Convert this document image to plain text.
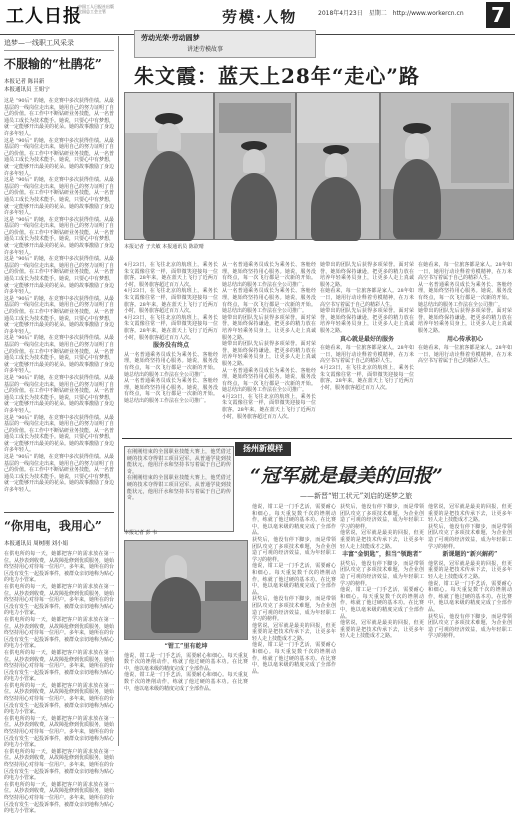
工人日报
中国工人日报社出版 全国总工会主管	劳模·人物	2018年4月23日　星期二　http://www.workercn.cn 7
追梦—一线职工风采录
不服输的“杜鹃花”
本报记者 陈昌新
本报通讯员 王姐宁
这是 “90后” 的她，在竞赛中多次获得佳绩。从最基层的一线岗位走出来，她用自己的努力证明了自己的价值。在工作中不断钻研业务技能，从一名普通员工成长为技术能手。她说，只要心中有梦想，就一定能够开出最美的花朵。她的故事激励了身边许多年轻人。
这是 “90后” 的她，在竞赛中多次获得佳绩。从最基层的一线岗位走出来，她用自己的努力证明了自己的价值。在工作中不断钻研业务技能，从一名普通员工成长为技术能手。她说，只要心中有梦想，就一定能够开出最美的花朵。她的故事激励了身边许多年轻人。
这是 “90后” 的她，在竞赛中多次获得佳绩。从最基层的一线岗位走出来，她用自己的努力证明了自己的价值。在工作中不断钻研业务技能，从一名普通员工成长为技术能手。她说，只要心中有梦想，就一定能够开出最美的花朵。她的故事激励了身边许多年轻人。
这是 “90后” 的她，在竞赛中多次获得佳绩。从最基层的一线岗位走出来，她用自己的努力证明了自己的价值。在工作中不断钻研业务技能，从一名普通员工成长为技术能手。她说，只要心中有梦想，就一定能够开出最美的花朵。她的故事激励了身边许多年轻人。
这是 “90后” 的她，在竞赛中多次获得佳绩。从最基层的一线岗位走出来，她用自己的努力证明了自己的价值。在工作中不断钻研业务技能，从一名普通员工成长为技术能手。她说，只要心中有梦想，就一定能够开出最美的花朵。她的故事激励了身边许多年轻人。
这是 “90后” 的她，在竞赛中多次获得佳绩。从最基层的一线岗位走出来，她用自己的努力证明了自己的价值。在工作中不断钻研业务技能，从一名普通员工成长为技术能手。她说，只要心中有梦想，就一定能够开出最美的花朵。她的故事激励了身边许多年轻人。
这是 “90后” 的她，在竞赛中多次获得佳绩。从最基层的一线岗位走出来，她用自己的努力证明了自己的价值。在工作中不断钻研业务技能，从一名普通员工成长为技术能手。她说，只要心中有梦想，就一定能够开出最美的花朵。她的故事激励了身边许多年轻人。
这是 “90后” 的她，在竞赛中多次获得佳绩。从最基层的一线岗位走出来，她用自己的努力证明了自己的价值。在工作中不断钻研业务技能，从一名普通员工成长为技术能手。她说，只要心中有梦想，就一定能够开出最美的花朵。她的故事激励了身边许多年轻人。
这是 “90后” 的她，在竞赛中多次获得佳绩。从最基层的一线岗位走出来，她用自己的努力证明了自己的价值。在工作中不断钻研业务技能，从一名普通员工成长为技术能手。她说，只要心中有梦想，就一定能够开出最美的花朵。她的故事激励了身边许多年轻人。
这是 “90后” 的她，在竞赛中多次获得佳绩。从最基层的一线岗位走出来，她用自己的努力证明了自己的价值。在工作中不断钻研业务技能，从一名普通员工成长为技术能手。她说，只要心中有梦想，就一定能够开出最美的花朵。她的故事激励了身边许多年轻人。
“你用电，我用心”
本报通讯员 周树刚 刘小娟
在供电所的每一天，她都把客户的需求放在第一位。从抄表到收费，从故障抢修到优质服务，她始终坚持用心对待每一位用户。多年来，她所在的台区没有发生一起投诉事件，被群众亲切地称为贴心的电力小管家。
在供电所的每一天，她都把客户的需求放在第一位。从抄表到收费，从故障抢修到优质服务，她始终坚持用心对待每一位用户。多年来，她所在的台区没有发生一起投诉事件，被群众亲切地称为贴心的电力小管家。
在供电所的每一天，她都把客户的需求放在第一位。从抄表到收费，从故障抢修到优质服务，她始终坚持用心对待每一位用户。多年来，她所在的台区没有发生一起投诉事件，被群众亲切地称为贴心的电力小管家。
在供电所的每一天，她都把客户的需求放在第一位。从抄表到收费，从故障抢修到优质服务，她始终坚持用心对待每一位用户。多年来，她所在的台区没有发生一起投诉事件，被群众亲切地称为贴心的电力小管家。
在供电所的每一天，她都把客户的需求放在第一位。从抄表到收费，从故障抢修到优质服务，她始终坚持用心对待每一位用户。多年来，她所在的台区没有发生一起投诉事件，被群众亲切地称为贴心的电力小管家。
在供电所的每一天，她都把客户的需求放在第一位。从抄表到收费，从故障抢修到优质服务，她始终坚持用心对待每一位用户。多年来，她所在的台区没有发生一起投诉事件，被群众亲切地称为贴心的电力小管家。
在供电所的每一天，她都把客户的需求放在第一位。从抄表到收费，从故障抢修到优质服务，她始终坚持用心对待每一位用户。多年来，她所在的台区没有发生一起投诉事件，被群众亲切地称为贴心的电力小管家。
在供电所的每一天，她都把客户的需求放在第一位。从抄表到收费，从故障抢修到优质服务，她始终坚持用心对待每一位用户。多年来，她所在的台区没有发生一起投诉事件，被群众亲切地称为贴心的电力小管家。
劳动光荣·劳动圆梦
讲述劳模故事
朱文霞：蓝天上28年“走心”路
本报记者 子夫敏 本报通讯员 陈欲晴
4月23日，在飞往北京的航班上，乘务长朱文霞像往常一样，面带微笑迎接每一位旅客。28年来，她在蓝天上飞行了近两万小时，服务旅客超过百万人次。
4月23日，在飞往北京的航班上，乘务长朱文霞像往常一样，面带微笑迎接每一位旅客。28年来，她在蓝天上飞行了近两万小时，服务旅客超过百万人次。
4月23日，在飞往北京的航班上，乘务长朱文霞像往常一样，面带微笑迎接每一位旅客。28年来，她在蓝天上飞行了近两万小时，服务旅客超过百万人次。
服务没有终点
从一名普通乘务员成长为乘务长、客舱经理，她始终坚持用心服务。她说，服务没有终点，每一次飞行都是一次新的开始。她总结出的服务工作法在全公司推广。
从一名普通乘务员成长为乘务长、客舱经理，她始终坚持用心服务。她说，服务没有终点，每一次飞行都是一次新的开始。她总结出的服务工作法在全公司推广。
从一名普通乘务员成长为乘务长、客舱经理，她始终坚持用心服务。她说，服务没有终点，每一次飞行都是一次新的开始。她总结出的服务工作法在全公司推广。
从一名普通乘务员成长为乘务长、客舱经理，她始终坚持用心服务。她说，服务没有终点，每一次飞行都是一次新的开始。她总结出的服务工作法在全公司推广。
她带出的团队先后获得多项荣誉。面对荣誉，她始终保持谦逊，把更多的精力放在培养年轻乘务员身上，让更多人走上真诚服务之路。
她带出的团队先后获得多项荣誉。面对荣誉，她始终保持谦逊，把更多的精力放在培养年轻乘务员身上，让更多人走上真诚服务之路。
从一名普通乘务员成长为乘务长、客舱经理，她始终坚持用心服务。她说，服务没有终点，每一次飞行都是一次新的开始。她总结出的服务工作法在全公司推广。
4月23日，在飞往北京的航班上，乘务长朱文霞像往常一样，面带微笑迎接每一位旅客。28年来，她在蓝天上飞行了近两万小时，服务旅客超过百万人次。
她带出的团队先后获得多项荣誉。面对荣誉，她始终保持谦逊，把更多的精力放在培养年轻乘务员身上，让更多人走上真诚服务之路。
在她看来，每一位旅客都是家人。28年如一日，她用行动诠释着劳模精神，在万米高空书写着属于自己的精彩人生。
她带出的团队先后获得多项荣誉。面对荣誉，她始终保持谦逊，把更多的精力放在培养年轻乘务员身上，让更多人走上真诚服务之路。
真心就是最好的服务
在她看来，每一位旅客都是家人。28年如一日，她用行动诠释着劳模精神，在万米高空书写着属于自己的精彩人生。
4月23日，在飞往北京的航班上，乘务长朱文霞像往常一样，面带微笑迎接每一位旅客。28年来，她在蓝天上飞行了近两万小时，服务旅客超过百万人次。
在她看来，每一位旅客都是家人。28年如一日，她用行动诠释着劳模精神，在万米高空书写着属于自己的精彩人生。
从一名普通乘务员成长为乘务长、客舱经理，她始终坚持用心服务。她说，服务没有终点，每一次飞行都是一次新的开始。她总结出的服务工作法在全公司推广。
她带出的团队先后获得多项荣誉。面对荣誉，她始终保持谦逊，把更多的精力放在培养年轻乘务员身上，让更多人走上真诚服务之路。

用心传承初心
在她看来，每一位旅客都是家人。28年如一日，她用行动诠释着劳模精神，在万米高空书写着属于自己的精彩人生。
扬州新模样
“冠军就是最美的回报”
——新晋“钳工状元”刘启的逐梦之旅
在刚刚结束的全国职业技能大赛上，他凭借过硬的技术夺得钳工项目冠军。从普通学徒到技能状元，他用汗水和坚持书写着属于自己的传奇。
在刚刚结束的全国职业技能大赛上，他凭借过硬的技术夺得钳工项目冠军。从普通学徒到技能状元，他用汗水和坚持书写着属于自己的传奇。
本报记者 彭 韦
“钳工”里有乾坤
他说，钳工是一门手艺活，需要耐心和细心。每天重复数千次的锉削动作，练就了他过硬的基本功。在比赛中，他以毫米级的精度完成了全部作品。
他说，钳工是一门手艺活，需要耐心和细心。每天重复数千次的锉削动作，练就了他过硬的基本功。在比赛中，他以毫米级的精度完成了全部作品。
他说，钳工是一门手艺活，需要耐心和细心。每天重复数千次的锉削动作，练就了他过硬的基本功。在比赛中，他以毫米级的精度完成了全部作品。
获奖后，他没有停下脚步，而是带领团队攻克了多项技术难题，为企业创造了可观的经济效益，成为年轻职工学习的榜样。
他说，钳工是一门手艺活，需要耐心和细心。每天重复数千次的锉削动作，练就了他过硬的基本功。在比赛中，他以毫米级的精度完成了全部作品。
获奖后，他没有停下脚步，而是带领团队攻克了多项技术难题，为企业创造了可观的经济效益，成为年轻职工学习的榜样。
他常说，冠军就是最美的回报，但更重要的是把技术传承下去，让更多年轻人走上技能成才之路。
他说，钳工是一门手艺活，需要耐心和细心。每天重复数千次的锉削动作，练就了他过硬的基本功。在比赛中，他以毫米级的精度完成了全部作品。
获奖后，他没有停下脚步，而是带领团队攻克了多项技术难题，为企业创造了可观的经济效益，成为年轻职工学习的榜样。
他常说，冠军就是最美的回报，但更重要的是把技术传承下去，让更多年轻人走上技能成才之路。

丰富“金钥匙”，担当“领跑者”
获奖后，他没有停下脚步，而是带领团队攻克了多项技术难题，为企业创造了可观的经济效益，成为年轻职工学习的榜样。
他说，钳工是一门手艺活，需要耐心和细心。每天重复数千次的锉削动作，练就了他过硬的基本功。在比赛中，他以毫米级的精度完成了全部作品。
他常说，冠军就是最美的回报，但更重要的是把技术传承下去，让更多年轻人走上技能成才之路。
他常说，冠军就是最美的回报，但更重要的是把技术传承下去，让更多年轻人走上技能成才之路。
获奖后，他没有停下脚步，而是带领团队攻克了多项技术难题，为企业创造了可观的经济效益，成为年轻职工学习的榜样。

新课题的“新兴解药”
他常说，冠军就是最美的回报，但更重要的是把技术传承下去，让更多年轻人走上技能成才之路。
他说，钳工是一门手艺活，需要耐心和细心。每天重复数千次的锉削动作，练就了他过硬的基本功。在比赛中，他以毫米级的精度完成了全部作品。
获奖后，他没有停下脚步，而是带领团队攻克了多项技术难题，为企业创造了可观的经济效益，成为年轻职工学习的榜样。
